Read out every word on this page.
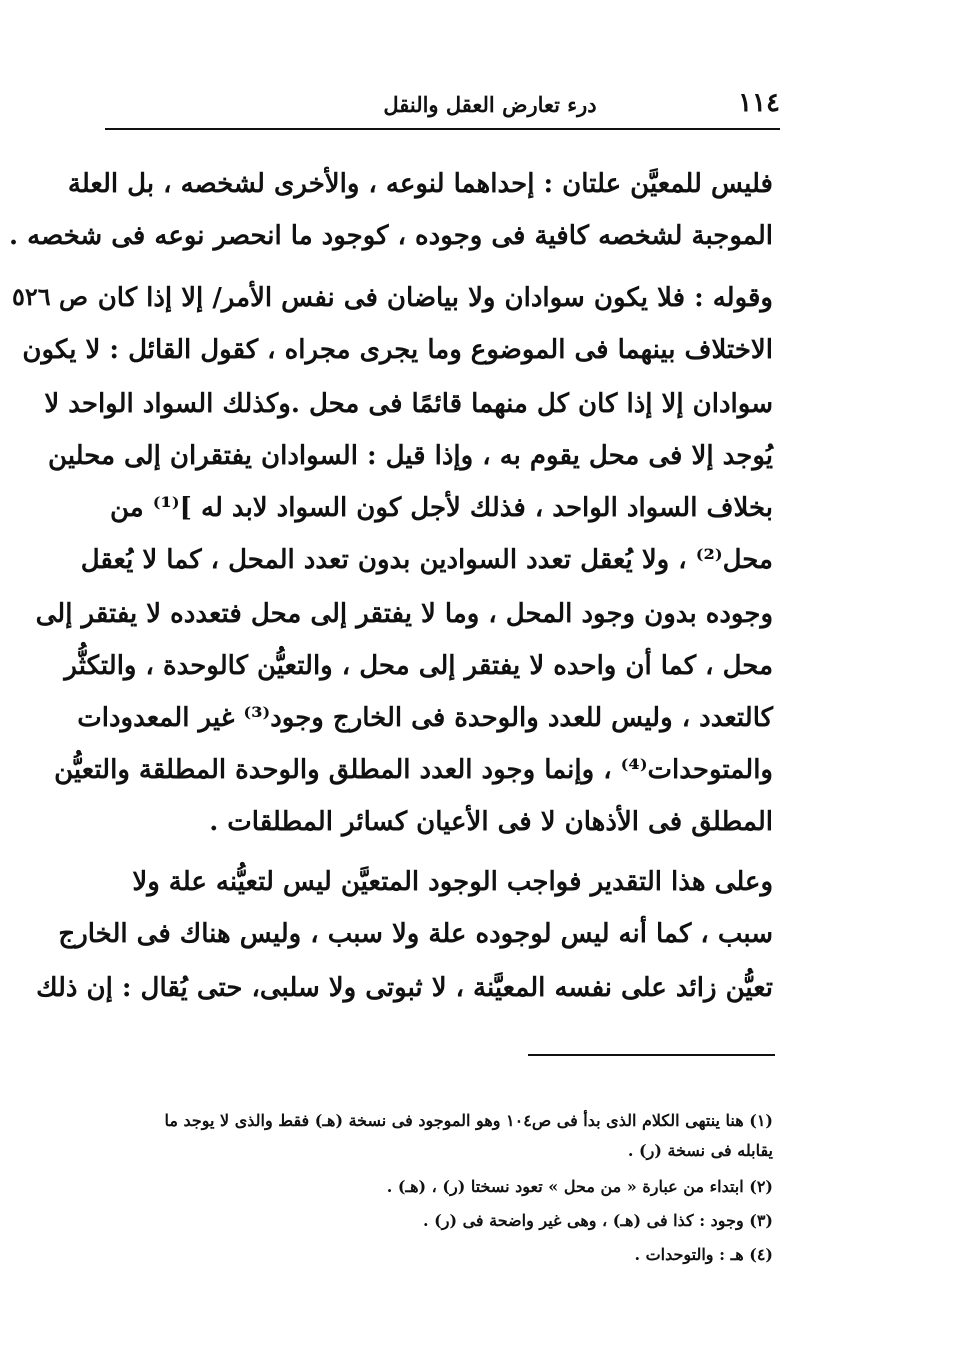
درء تعارض العقل والنقل	١١٤
ص ٥٢٦
فليس للمعيَّن علتان : إحداهما لنوعه ، والأخرى لشخصه ، بل العلة
الموجبة لشخصه كافية فى وجوده ، كوجود ما انحصر نوعه فى شخصه .
وقوله : فلا يكون سوادان ولا بياضان فى نفس الأمر/ إلا إذا كان
الاختلاف بينهما فى الموضوع وما يجرى مجراه ، كقول القائل : لا يكون
سوادان إلا إذا كان كل منهما قائمًا فى محل .وكذلك السواد الواحد لا
يُوجد إلا فى محل يقوم به ، وإذا قيل : السوادان يفتقران إلى محلين
بخلاف السواد الواحد ، فذلك لأجل كون السواد لابد له ]⁽¹⁾ من
محل⁽²⁾ ، ولا يُعقل تعدد السوادين بدون تعدد المحل ، كما لا يُعقل
وجوده بدون وجود المحل ، وما لا يفتقر إلى محل فتعدده لا يفتقر إلى
محل ، كما أن واحده لا يفتقر إلى محل ، والتعيُّن كالوحدة ، والتكثُّر
كالتعدد ، وليس للعدد والوحدة فى الخارج وجود⁽³⁾ غير المعدودات
والمتوحدات⁽⁴⁾ ، وإنما وجود العدد المطلق والوحدة المطلقة والتعيُّن
المطلق فى الأذهان لا فى الأعيان كسائر المطلقات .
وعلى هذا التقدير فواجب الوجود المتعيَّن ليس لتعيُّنه علة ولا
سبب ، كما أنه ليس لوجوده علة ولا سبب ، وليس هناك فى الخارج
تعيُّن زائد على نفسه المعيَّنة ، لا ثبوتى ولا سلبى، حتى يُقال : إن ذلك
(١) هنا ينتهى الكلام الذى بدأ فى ص١٠٤ وهو الموجود فى نسخة (هـ) فقط والذى لا يوجد ما
يقابله فى نسخة (ر) .
(٢) ابتداء من عبارة « من محل » تعود نسختا (ر) ، (هـ) .
(٣) وجود : كذا فى (هـ) ، وهى غير واضحة فى (ر) .
(٤) هـ : والتوحدات .
